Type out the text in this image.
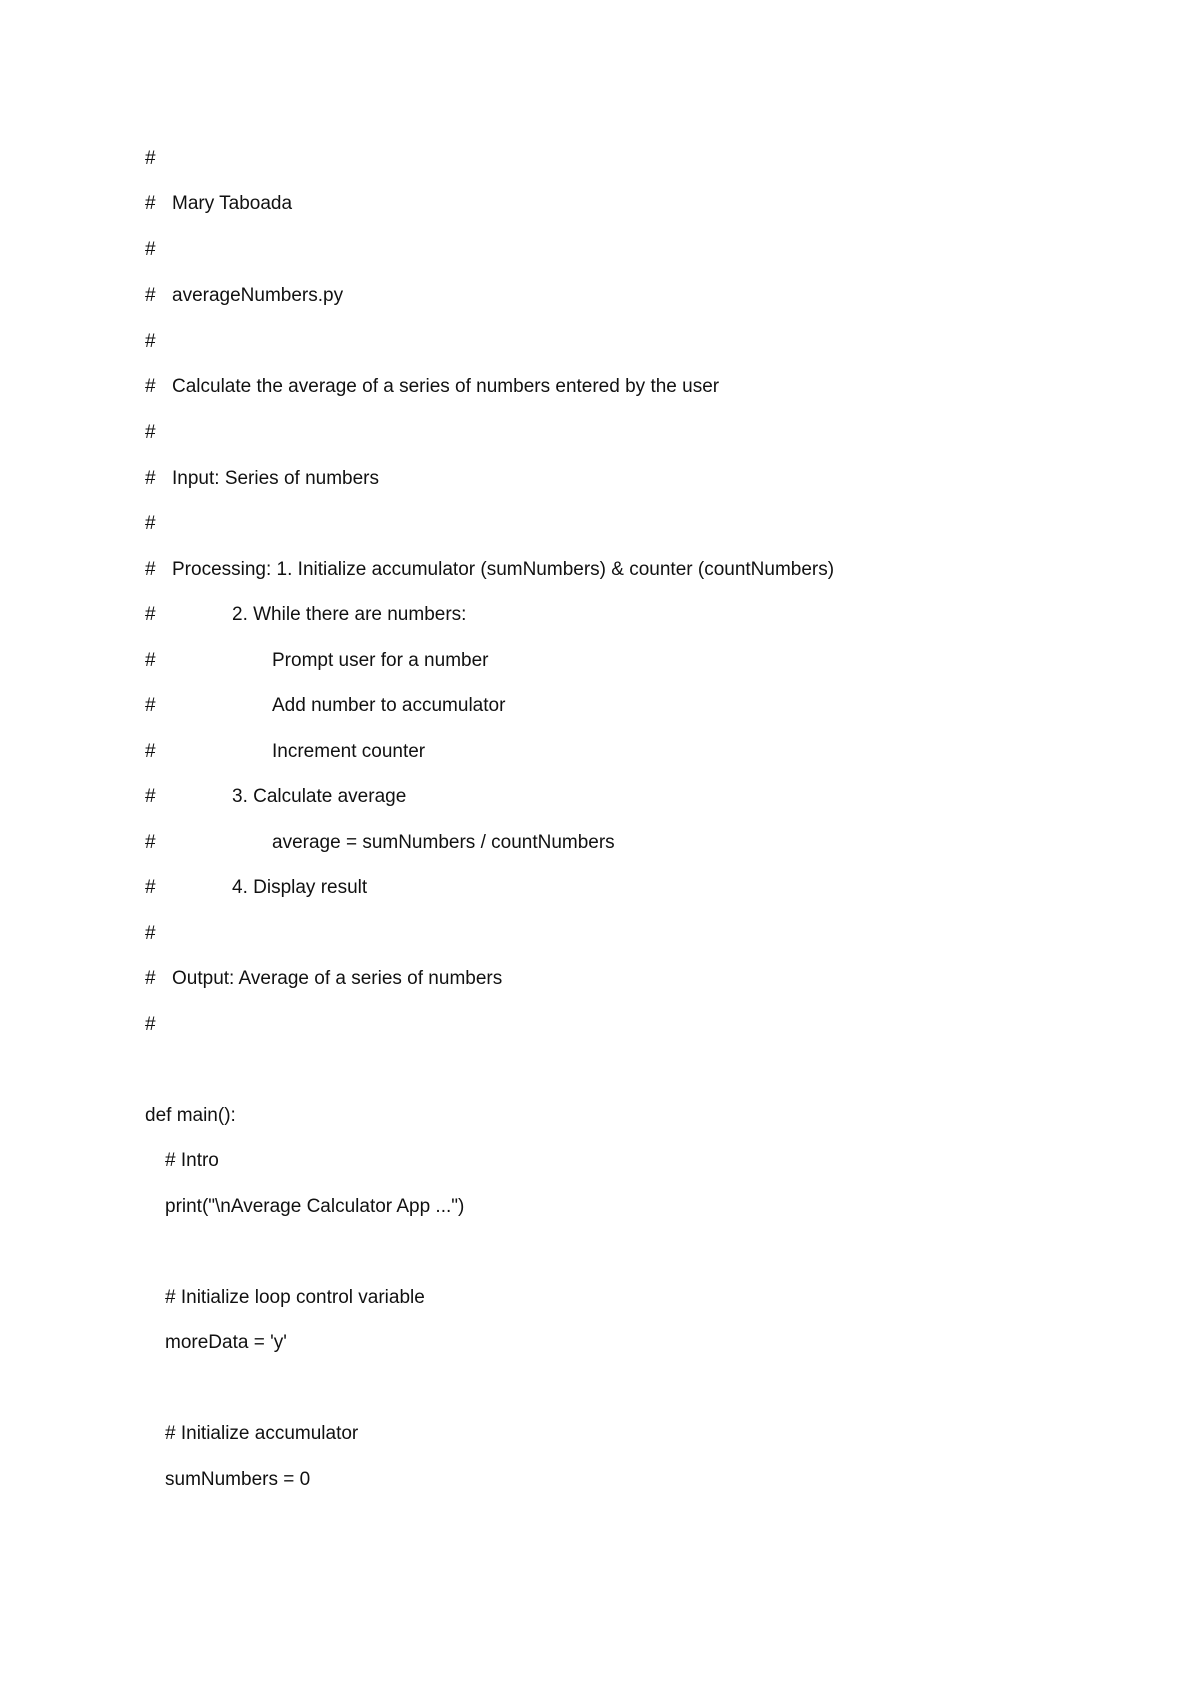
#
# Mary Taboada
#
# averageNumbers.py
#
# Calculate the average of a series of numbers entered by the user
#
# Input: Series of numbers
#
# Processing: 1. Initialize accumulator (sumNumbers) & counter (countNumbers)
#	2. While there are numbers:
#	Prompt user for a number
#	Add number to accumulator
#	Increment counter
#	3. Calculate average
#	average = sumNumbers / countNumbers
#	4. Display result
#
# Output: Average of a series of numbers
#
def main():
# Intro
print("\nAverage Calculator App ...")
# Initialize loop control variable
moreData = 'y'
# Initialize accumulator
sumNumbers = 0
